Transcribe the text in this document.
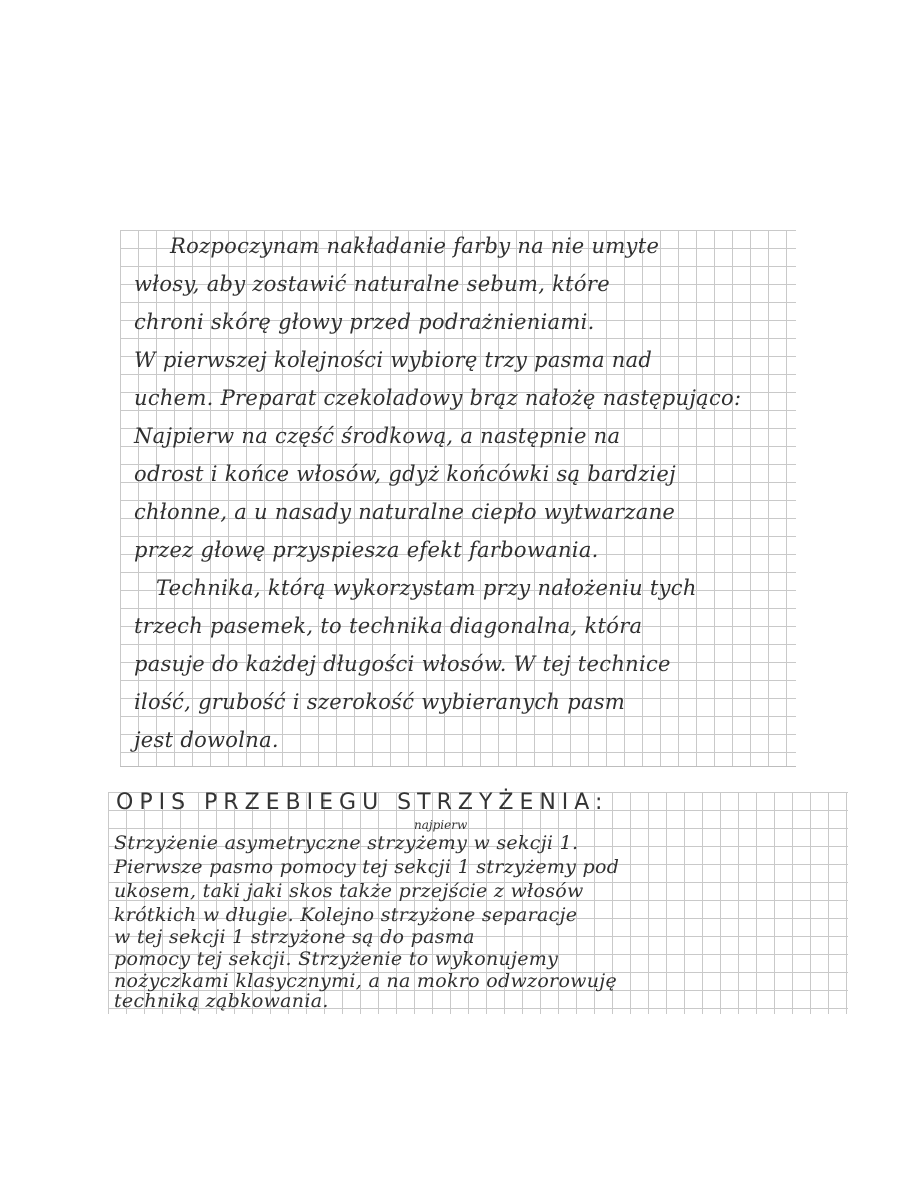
Rozpoczynam nakładanie farby na nie umyte
włosy, aby zostawić naturalne sebum, które
chroni skórę głowy przed podrażnieniami.
W pierwszej kolejności wybiorę trzy pasma nad
uchem. Preparat czekoladowy brąz nałożę następująco:
Najpierw na część środkową, a następnie na
odrost i końce włosów, gdyż końcówki są bardziej
chłonne, a u nasady naturalne ciepło wytwarzane
przez głowę przyspiesza efekt farbowania.
Technika, którą wykorzystam przy nałożeniu tych
trzech pasemek, to technika diagonalna, która
pasuje do każdej długości włosów. W tej technice
ilość, grubość i szerokość wybieranych pasm
jest dowolna.
OPIS PRZEBIEGU STRZYŻENIA:
najpierw
Strzyżenie asymetryczne strzyżemy w sekcji 1.
Pierwsze pasmo pomocy tej sekcji 1 strzyżemy pod
ukosem, taki jaki skos także przejście z włosów
krótkich w długie. Kolejno strzyżone separacje
w tej sekcji 1 strzyżone są do pasma
pomocy tej sekcji. Strzyżenie to wykonujemy
nożyczkami klasycznymi, a na mokro odwzorowuję
techniką ząbkowania.
